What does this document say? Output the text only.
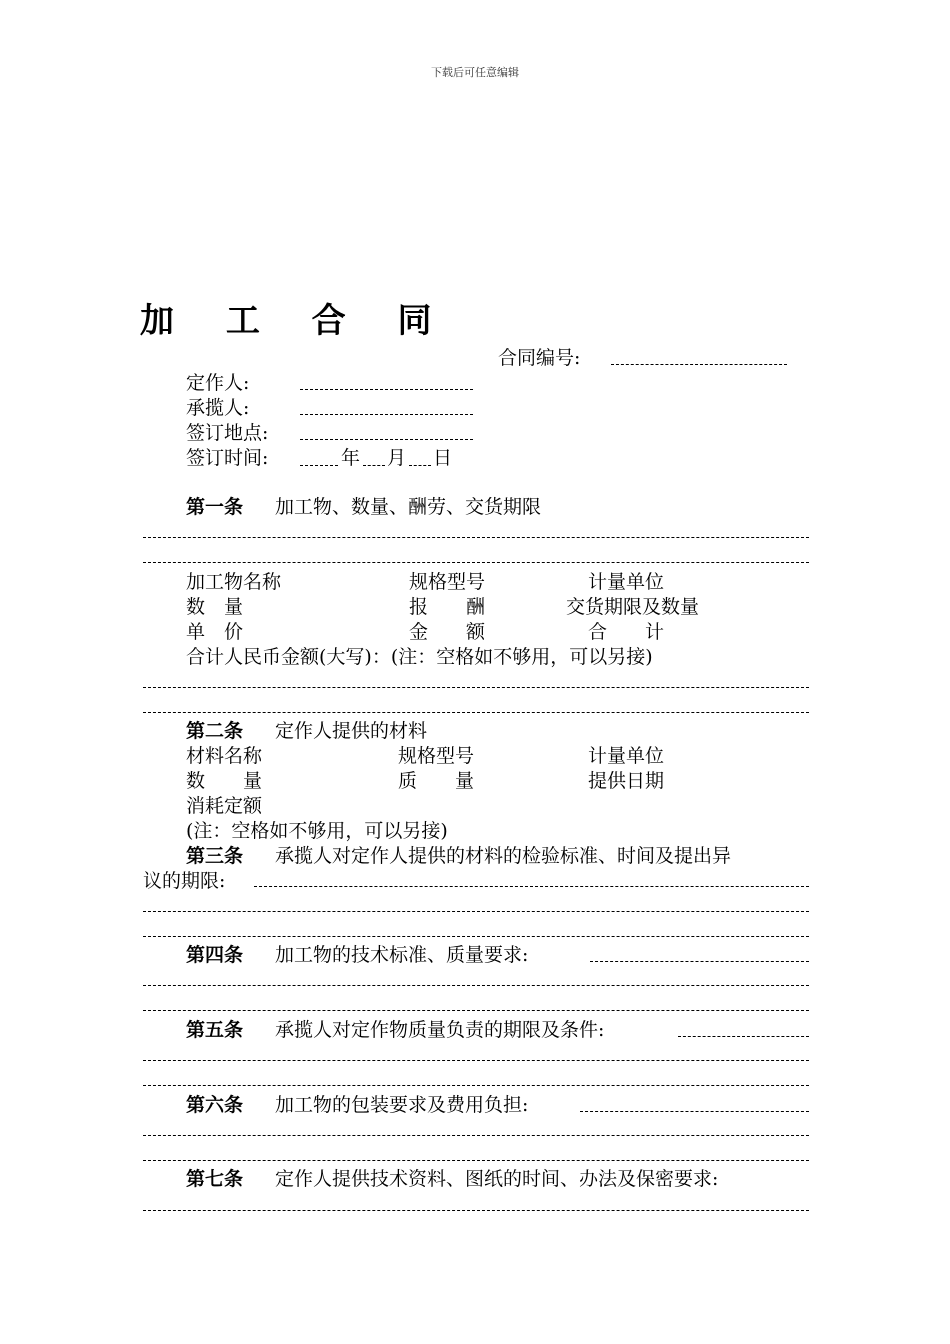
下载后可任意编辑
加 工 合 同
合同编号:
定作人:
承揽人:
签订地点:
签订时间:	年 月 日
第一条 加工物、数量、酬劳、交货期限
加工物名称	规格型号	计量单位
数　量	报　　酬	交货期限及数量
单　价	金　　额	合　　计
合计人民币金额(大写)：(注：空格如不够用，可以另接)
第二条 定作人提供的材料
材料名称	规格型号	计量单位
数　　量	质　　量	提供日期
消耗定额
(注：空格如不够用，可以另接)
第三条 承揽人对定作人提供的材料的检验标准、时间及提出异
议的期限:
第四条 加工物的技术标准、质量要求:
第五条 承揽人对定作物质量负责的期限及条件:
第六条 加工物的包装要求及费用负担:
第七条 定作人提供技术资料、图纸的时间、办法及保密要求:
